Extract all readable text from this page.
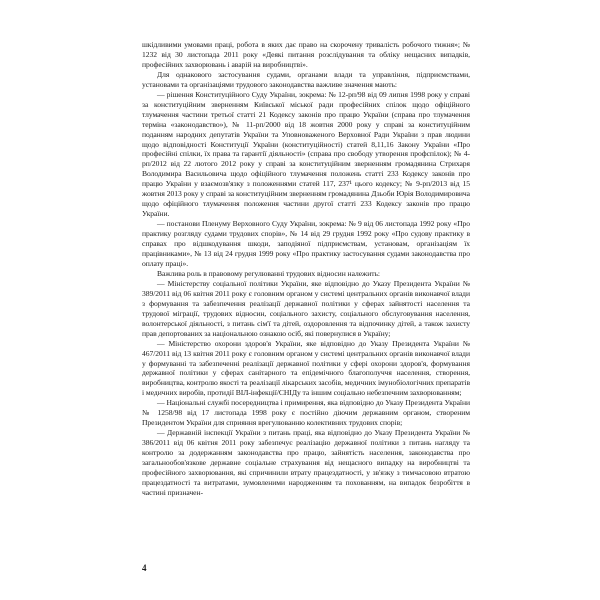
шкідливими умовами праці, робота в яких дає право на скорочену тривалість робочого тижня»; № 1232 від 30 листопада 2011 року «Деякі питання розслідування та обліку нещасних випадків, професійних захворювань і аварій на виробництві».

Для однакового застосування судами, органами влади та управління, підприємствами, установами та організаціями трудового законодавства важливе значення мають:

— рішення Конституційного Суду України, зокрема: № 12-рп/98 від 09 липня 1998 року у справі за конституційним зверненням Київської міської ради професійних спілок щодо офіційного тлумачення частини третьої статті 21 Кодексу законів про працю України (справа про тлумачення терміна «законодавство»), № 11-рп/2000 від 18 жовтня 2000 року у справі за конституційним поданням народних депутатів України та Уповноваженого Верховної Ради України з прав людини щодо відповідності Конституції України (конституційності) статей 8,11,16 Закону України «Про професійні спілки, їх права та гарантії діяльності» (справа про свободу утворення профспілок); № 4-рп/2012 від 22 лютого 2012 року у справі за конституційним зверненням громадянина Стрихаря Володимира Васильовича щодо офіційного тлумачення положень статті 233 Кодексу законів про працю України у взаємозв'язку з положеннями статей 117, 237¹ цього кодексу; № 9-рп/2013 від 15 жовтня 2013 року у справі за конституційним зверненням громадянина Дзьоби Юрія Володимировича щодо офіційного тлумачення положення частини другої статті 233 Кодексу законів про працю України.

— постанови Пленуму Верховного Суду України, зокрема: № 9 від 06 листопада 1992 року «Про практику розгляду судами трудових спорів», № 14 від 29 грудня 1992 року «Про судову практику в справах про відшкодування шкоди, заподіяної підприємствам, установам, організаціям їх працівниками», № 13 від 24 грудня 1999 року «Про практику застосування судами законодавства про оплату праці».

Важлива роль в правовому регулюванні трудових відносин належить:

— Міністерству соціальної політики України, яке відповідно до Указу Президента України № 389/2011 від 06 квітня 2011 року є головним органом у системі центральних органів виконавчої влади з формування та забезпечення реалізації державної політики у сферах зайнятості населення та трудової міграції, трудових відносин, соціального захисту, соціального обслуговування населення, волонтерської діяльності, з питань сім'ї та дітей, оздоровлення та відпочинку дітей, а також захисту прав депортованих за національною ознакою осіб, які повернулися в Україну;

— Міністерство охорони здоров'я України, яке відповідно до Указу Президента України № 467/2011 від 13 квітня 2011 року є головним органом у системі центральних органів виконавчої влади у формуванні та забезпеченні реалізації державної політики у сфері охорони здоров'я, формування державної політики у сферах санітарного та епідемічного благополуччя населення, створення, виробництва, контролю якості та реалізації лікарських засобів, медичних імунобіологічних препаратів і медичних виробів, протидії ВІЛ-інфекції/СНІДу та іншим соціально небезпечним захворюванням;

— Національні службі посередництва і примирення, яка відповідно до Указу Президента України № 1258/98 від 17 листопада 1998 року є постійно діючим державним органом, створеним Президентом України для сприяння врегулюванню колективних трудових спорів;

— Державній інспекції України з питань праці, яка відповідно до Указу Президента України № 386/2011 від 06 квітня 2011 року забезпечує реалізацію державної політики з питань нагляду та контролю за додержанням законодавства про працю, зайнятість населення, законодавства про загальнообов'язкове державне соціальне страхування від нещасного випадку на виробництві та професійного захворювання, які спричинили втрату працездатності, у зв'язку з тимчасовою втратою працездатності та витратами, зумовленими народженням та похованням, на випадок безробіття в частині призначен-

4
